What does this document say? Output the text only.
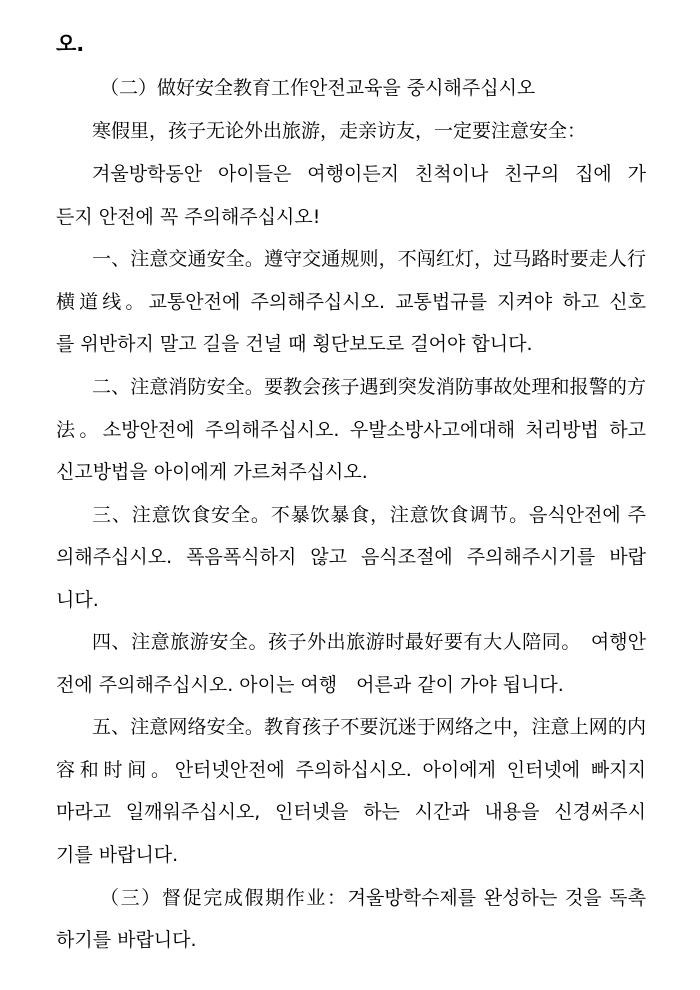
오.
（二）做好安全教育工作안전교육을 중시해주십시오
寒假里，孩子无论外出旅游，走亲访友，一定要注意安全：
겨울방학동안 아이들은 여행이든지 친척이나 친구의 집에 가
든지 안전에 꼭 주의해주십시오!
一、注意交通安全。遵守交通规则，不闯红灯，过马路时要走人行
横道线。교통안전에 주의해주십시오. 교통법규를 지켜야 하고 신호
를 위반하지 말고 길을 건널 때 횡단보도로 걸어야 합니다.
二、注意消防安全。要教会孩子遇到突发消防事故处理和报警的方
法。소방안전에 주의해주십시오. 우발소방사고에대해 처리방법 하고
신고방법을 아이에게 가르쳐주십시오.
三、注意饮食安全。不暴饮暴食，注意饮食调节。음식안전에 주
의해주십시오. 폭음폭식하지 않고 음식조절에 주의해주시기를 바랍
니다.
四、注意旅游安全。孩子外出旅游时最好要有大人陪同。　여행안
전에 주의해주십시오. 아이는 여행　어른과 같이 가야 됩니다.
五、注意网络安全。教育孩子不要沉迷于网络之中，注意上网的内
容和时间。안터넷안전에 주의하십시오. 아이에게 인터넷에 빠지지
마라고 일깨워주십시오, 인터넷을 하는 시간과 내용을 신경써주시
기를 바랍니다.
（三）督促完成假期作业：겨울방학수제를 완성하는 것을 독촉
하기를 바랍니다.
